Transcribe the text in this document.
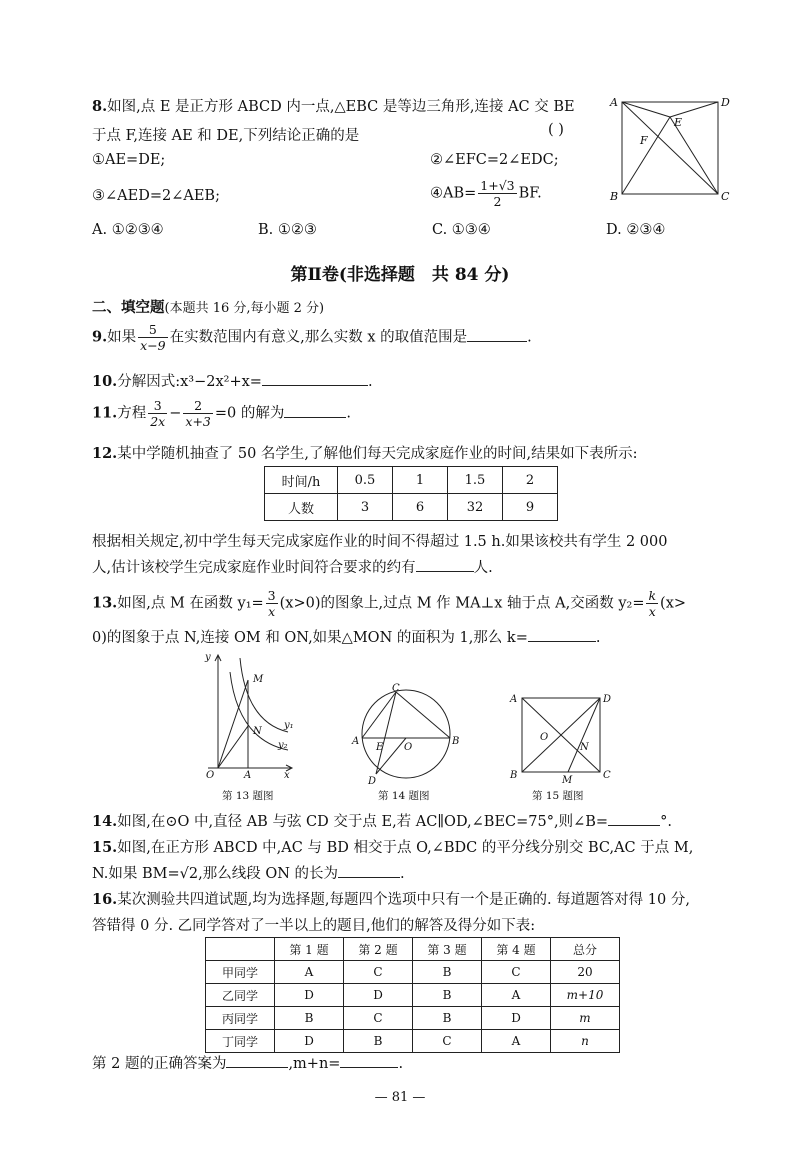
8.如图,点 E 是正方形 ABCD 内一点,△EBC 是等边三角形,连接 AC 交 BE
于点 F,连接 AE 和 DE,下列结论正确的是	( )
①AE=DE;	②∠EFC=2∠EDC;
③∠AED=2∠AEB;	④AB= $\frac{1+√3}{2}$ BF.
A. ①②③④	B. ①②③	C. ①③④	D. ②③④
A	D
E
F
B	C
第Ⅱ卷(非选择题　共 84 分)
二、填空题(本题共 16 分,每小题 2 分)
9.如果 $\frac{5}{x-9}$ 在实数范围内有意义,那么实数 x 的取值范围是	.
10.分解因式:x³−2x²+x=	.
11.方程 $\frac{3}{2x} - \frac{2}{x+3} =0$ 的解为	.
12.某中学随机抽查了 50 名学生,了解他们每天完成家庭作业的时间,结果如下表所示:
时间/h	0.5	1	1.5	2
人数	3	6	32	9
根据相关规定,初中学生每天完成家庭作业的时间不得超过 1.5 h.如果该校共有学生 2 000
人,估计该校学生完成家庭作业时间符合要求的约有	人.
13.如图,点 M 在函数 $y_1= \frac{3}{x} (x>0)$的图象上,过点 M 作 MA⊥x 轴于点 A,交函数 $y_2= \frac{k}{x} (x>$
0)的图象于点 N,连接 OM 和 ON,如果△MON 的面积为 1,那么 k=	.
y
M
N
y₁
y₂
O	A	x
第 13 题图
C
A
E O
B
D
第 14 题图
A	D
O
N
B	M	C
第 15 题图
14.如图,在⊙O 中,直径 AB 与弦 CD 交于点 E,若 AC∥OD,∠BEC=75°,则∠B=	°.
15.如图,在正方形 ABCD 中,AC 与 BD 相交于点 O,∠BDC 的平分线分别交 BC,AC 于点 M,
N.如果 BM=√2,那么线段 ON 的长为	.
16.某次测验共四道试题,均为选择题,每题四个选项中只有一个是正确的. 每道题答对得 10 分,
答错得 0 分. 乙同学答对了一半以上的题目,他们的解答及得分如下表:
	第 1 题	第 2 题	第 3 题	第 4 题	总分
甲同学	A	C	B	C	20
乙同学	D	D	B	A	m+10
丙同学	B	C	B	D	m
丁同学	D	B	C	A	n
第 2 题的正确答案为	,m+n=	.
— 81 —
